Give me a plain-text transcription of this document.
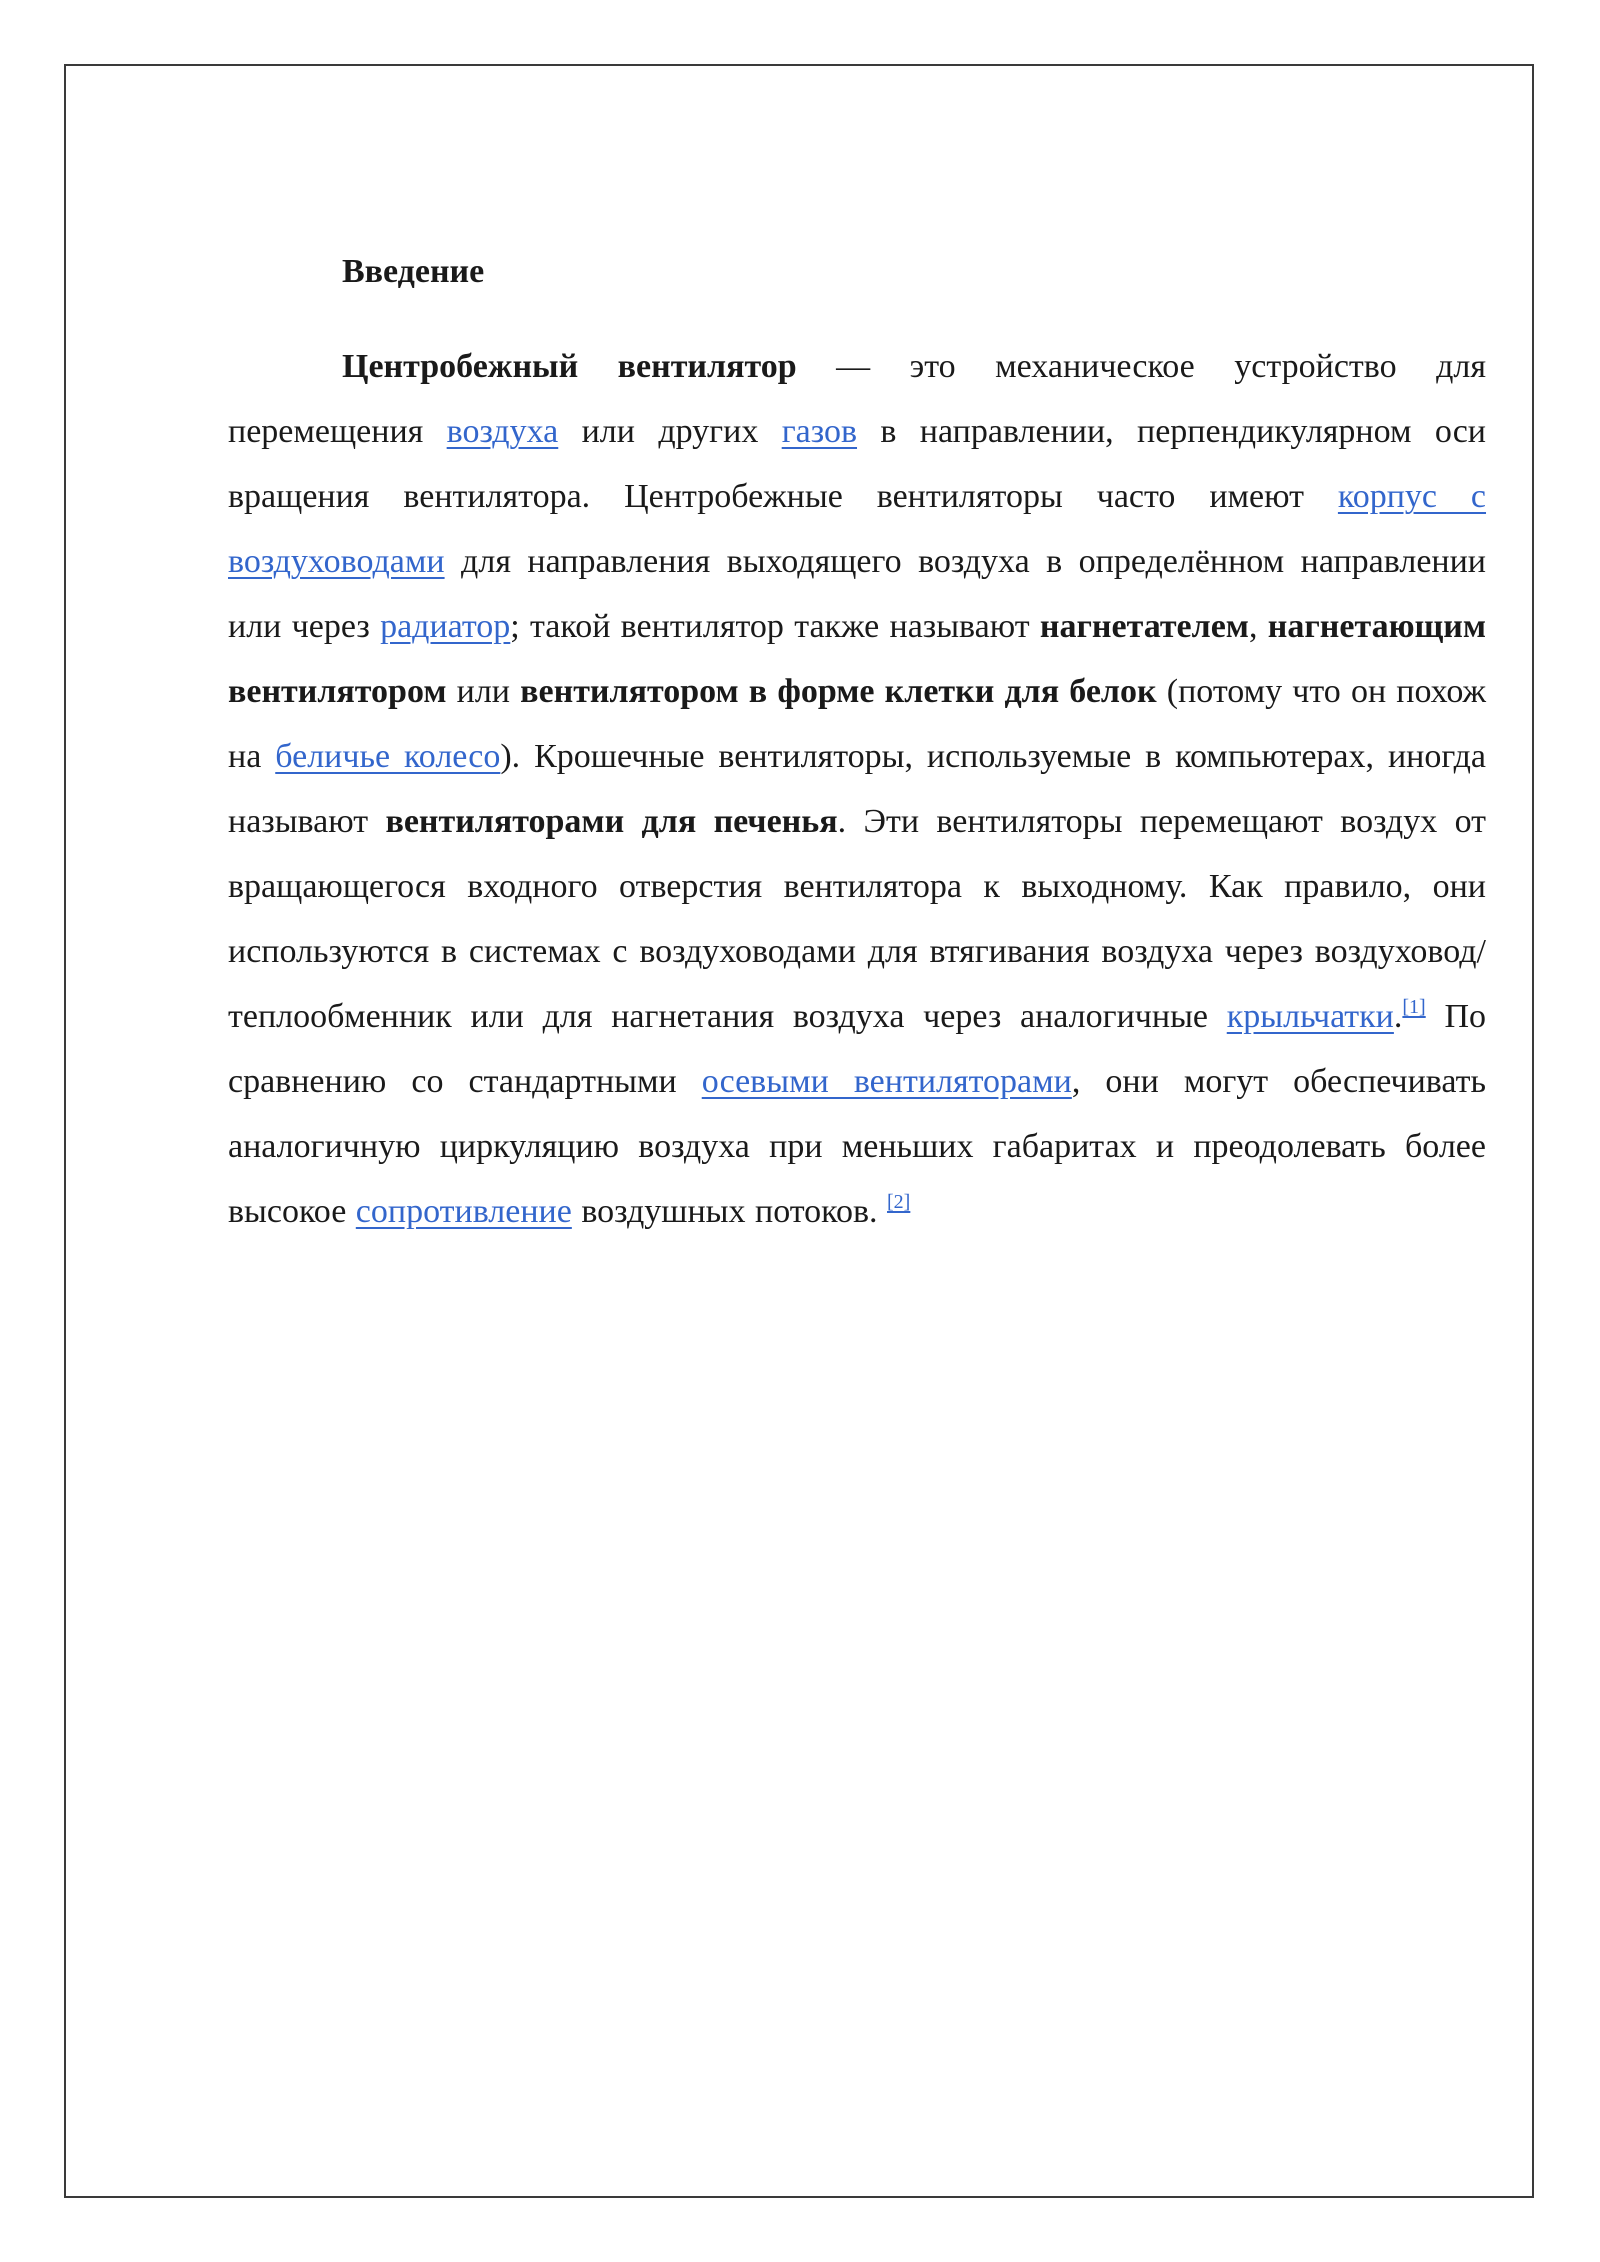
Введение

Центробежный вентилятор — это механическое устройство для перемещения воздуха или других газов в направлении, перпендикулярном оси вращения вентилятора. Центробежные вентиляторы часто имеют корпус с воздуховодами для направления выходящего воздуха в определённом направлении или через радиатор; такой вентилятор также называют нагнетателем, нагнетающим вентилятором или вентилятором в форме клетки для белок (потому что он похож на беличье колесо). Крошечные вентиляторы, используемые в компьютерах, иногда называют вентиляторами для печенья. Эти вентиляторы перемещают воздух от вращающегося входного отверстия вентилятора к выходному. Как правило, они используются в системах с воздуховодами для втягивания воздуха через воздуховод/теплообменник или для нагнетания воздуха через аналогичные крыльчатки.[1] По сравнению со стандартными осевыми вентиляторами, они могут обеспечивать аналогичную циркуляцию воздуха при меньших габаритах и преодолевать более высокое сопротивление воздушных потоков. [2]
